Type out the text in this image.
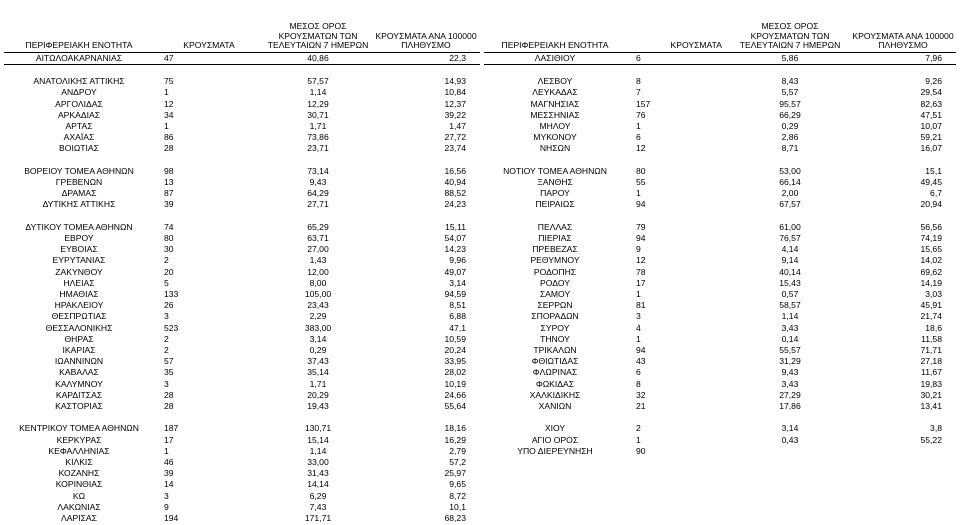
ΠΕΡΙΦΕΡΕΙΑΚΗ ΕΝΟΤΗΤΑ	ΚΡΟΥΣΜΑΤΑ	ΜΕΣΟΣ ΟΡΟΣ ΚΡΟΥΣΜΑΤΩΝ ΤΩΝ ΤΕΛΕΥΤΑΙΩΝ 7 ΗΜΕΡΩΝ	ΚΡΟΥΣΜΑΤΑ ΑΝΑ 100000 ΠΛΗΘΥΣΜΟ
ΑΙΤΩΛΟΑΚΑΡΝΑΝΙΑΣ	47	40,86	22,3

ΑΝΑΤΟΛΙΚΗΣ ΑΤΤΙΚΗΣ	75	57,57	14,93
ΑΝΔΡΟΥ	1	1,14	10,84
ΑΡΓΟΛΙΔΑΣ	12	12,29	12,37
ΑΡΚΑΔΙΑΣ	34	30,71	39,22
ΑΡΤΑΣ	1	1,71	1,47
ΑΧΑΪΑΣ	86	73,86	27,72
ΒΟΙΩΤΙΑΣ	28	23,71	23,74

ΒΟΡΕΙΟΥ ΤΟΜΕΑ ΑΘΗΝΩΝ	98	73,14	16,56
ΓΡΕΒΕΝΩΝ	13	9,43	40,94
ΔΡΑΜΑΣ	87	64,29	88,52
ΔΥΤΙΚΗΣ ΑΤΤΙΚΗΣ	39	27,71	24,23

ΔΥΤΙΚΟΥ ΤΟΜΕΑ ΑΘΗΝΩΝ	74	65,29	15,11
ΕΒΡΟΥ	80	63,71	54,07
ΕΥΒΟΙΑΣ	30	27,00	14,23
ΕΥΡΥΤΑΝΙΑΣ	2	1,43	9,96
ΖΑΚΥΝΘΟΥ	20	12,00	49,07
ΗΛΕΙΑΣ	5	8,00	3,14
ΗΜΑΘΙΑΣ	133	105,00	94,59
ΗΡΑΚΛΕΙΟΥ	26	23,43	8,51
ΘΕΣΠΡΩΤΙΑΣ	3	2,29	6,88
ΘΕΣΣΑΛΟΝΙΚΗΣ	523	383,00	47,1
ΘΗΡΑΣ	2	3,14	10,59
ΙΚΑΡΙΑΣ	2	0,29	20,24
ΙΩΑΝΝΙΝΩΝ	57	37,43	33,95
ΚΑΒΑΛΑΣ	35	35,14	28,02
ΚΑΛΥΜΝΟΥ	3	1,71	10,19
ΚΑΡΔΙΤΣΑΣ	28	20,29	24,66
ΚΑΣΤΟΡΙΑΣ	28	19,43	55,64

ΚΕΝΤΡΙΚΟΥ ΤΟΜΕΑ ΑΘΗΝΩΝ	187	130,71	18,16
ΚΕΡΚΥΡΑΣ	17	15,14	16,29
ΚΕΦΑΛΛΗΝΙΑΣ	1	1,14	2,79
ΚΙΛΚΙΣ	46	33,00	57,2
ΚΟΖΑΝΗΣ	39	31,43	25,97
ΚΟΡΙΝΘΙΑΣ	14	14,14	9,65
ΚΩ	3	6,29	8,72
ΛΑΚΩΝΙΑΣ	9	7,43	10,1
ΛΑΡΙΣΑΣ	194	171,71	68,23
ΠΕΡΙΦΕΡΕΙΑΚΗ ΕΝΟΤΗΤΑ	ΚΡΟΥΣΜΑΤΑ	ΜΕΣΟΣ ΟΡΟΣ ΚΡΟΥΣΜΑΤΩΝ ΤΩΝ ΤΕΛΕΥΤΑΙΩΝ 7 ΗΜΕΡΩΝ	ΚΡΟΥΣΜΑΤΑ ΑΝΑ 100000 ΠΛΗΘΥΣΜΟ
ΛΑΣΙΘΙΟΥ	6	5,86	7,96

ΛΕΣΒΟΥ	8	8,43	9,26
ΛΕΥΚΑΔΑΣ	7	5,57	29,54
ΜΑΓΝΗΣΙΑΣ	157	95,57	82,63
ΜΕΣΣΗΝΙΑΣ	76	66,29	47,51
ΜΗΛΟΥ	1	0,29	10,07
ΜΥΚΟΝΟΥ	6	2,86	59,21
ΝΗΣΩΝ	12	8,71	16,07

ΝΟΤΙΟΥ ΤΟΜΕΑ ΑΘΗΝΩΝ	80	53,00	15,1
ΞΑΝΘΗΣ	55	66,14	49,45
ΠΑΡΟΥ	1	2,00	6,7
ΠΕΙΡΑΙΩΣ	94	67,57	20,94

ΠΕΛΛΑΣ	79	61,00	56,56
ΠΙΕΡΙΑΣ	94	76,57	74,19
ΠΡΕΒΕΖΑΣ	9	4,14	15,65
ΡΕΘΥΜΝΟΥ	12	9,14	14,02
ΡΟΔΟΠΗΣ	78	40,14	69,62
ΡΟΔΟΥ	17	15,43	14,19
ΣΑΜΟΥ	1	0,57	3,03
ΣΕΡΡΩΝ	81	58,57	45,91
ΣΠΟΡΑΔΩΝ	3	1,14	21,74
ΣΥΡΟΥ	4	3,43	18,6
ΤΗΝΟΥ	1	0,14	11,58
ΤΡΙΚΑΛΩΝ	94	55,57	71,71
ΦΘΙΩΤΙΔΑΣ	43	31,29	27,18
ΦΛΩΡΙΝΑΣ	6	9,43	11,67
ΦΩΚΙΔΑΣ	8	3,43	19,83
ΧΑΛΚΙΔΙΚΗΣ	32	27,29	30,21
ΧΑΝΙΩΝ	21	17,86	13,41

ΧΙΟΥ	2	3,14	3,8
ΑΓΙΟ ΟΡΟΣ	1	0,43	55,22
ΥΠΟ ΔΙΕΡΕΥΝΗΣΗ	90		
